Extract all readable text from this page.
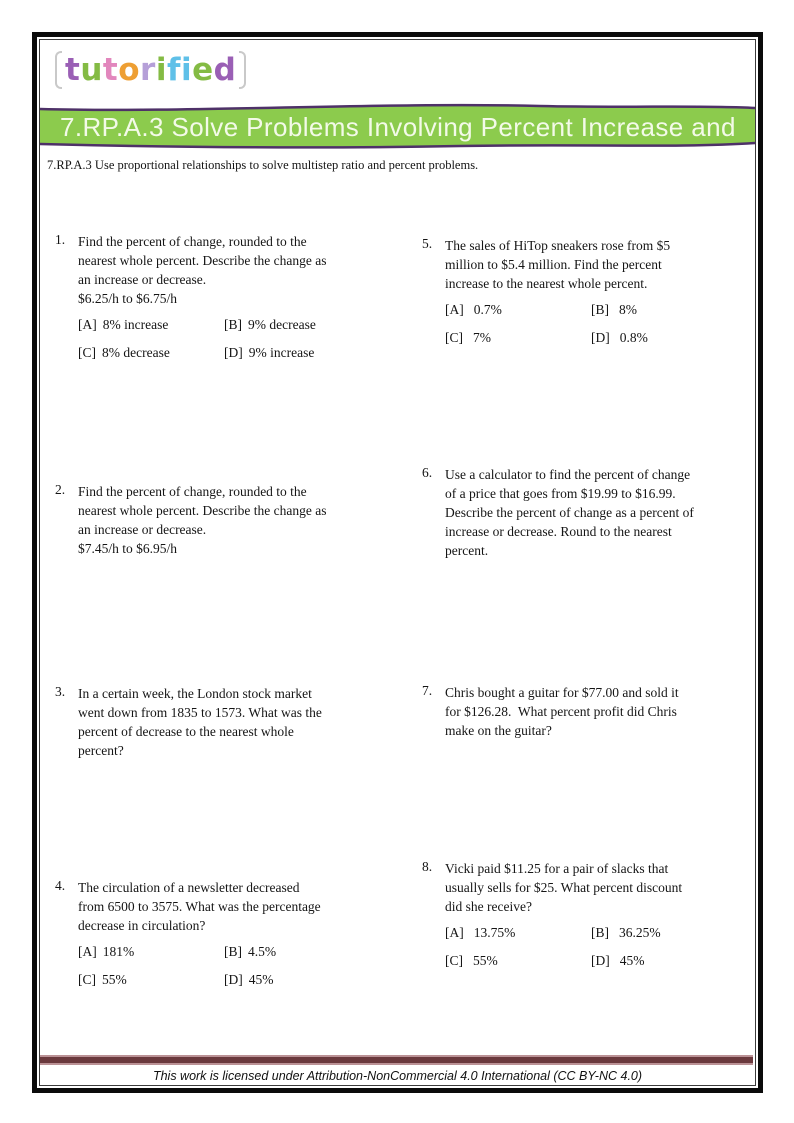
tutorified
7.RP.A.3 Solve Problems Involving Percent Increase and
7.RP.A.3 Use proportional relationships to solve multistep ratio and percent problems.
1. Find the percent of change, rounded to the
nearest whole percent. Describe the change as
an increase or decrease.
$6.25/h to $6.75/h
[A] 8% increase	[B] 9% decrease
[C] 8% decrease	[D] 9% increase
2. Find the percent of change, rounded to the
nearest whole percent. Describe the change as
an increase or decrease.
$7.45/h to $6.95/h
3. In a certain week, the London stock market
went down from 1835 to 1573. What was the
percent of decrease to the nearest whole
percent?
4. The circulation of a newsletter decreased
from 6500 to 3575. What was the percentage
decrease in circulation?
[A] 181%	[B] 4.5%
[C] 55%	[D] 45%
5. The sales of HiTop sneakers rose from $5
million to $5.4 million. Find the percent
increase to the nearest whole percent.
[A] 0.7%	[B] 8%
[C] 7%	[D] 0.8%
6. Use a calculator to find the percent of change
of a price that goes from $19.99 to $16.99.
Describe the percent of change as a percent of
increase or decrease. Round to the nearest
percent.
7. Chris bought a guitar for $77.00 and sold it
for $126.28.  What percent profit did Chris
make on the guitar?
8. Vicki paid $11.25 for a pair of slacks that
usually sells for $25. What percent discount
did she receive?
[A] 13.75%	[B] 36.25%
[C] 55%	[D] 45%
This work is licensed under Attribution-NonCommercial 4.0 International (CC BY-NC 4.0)
